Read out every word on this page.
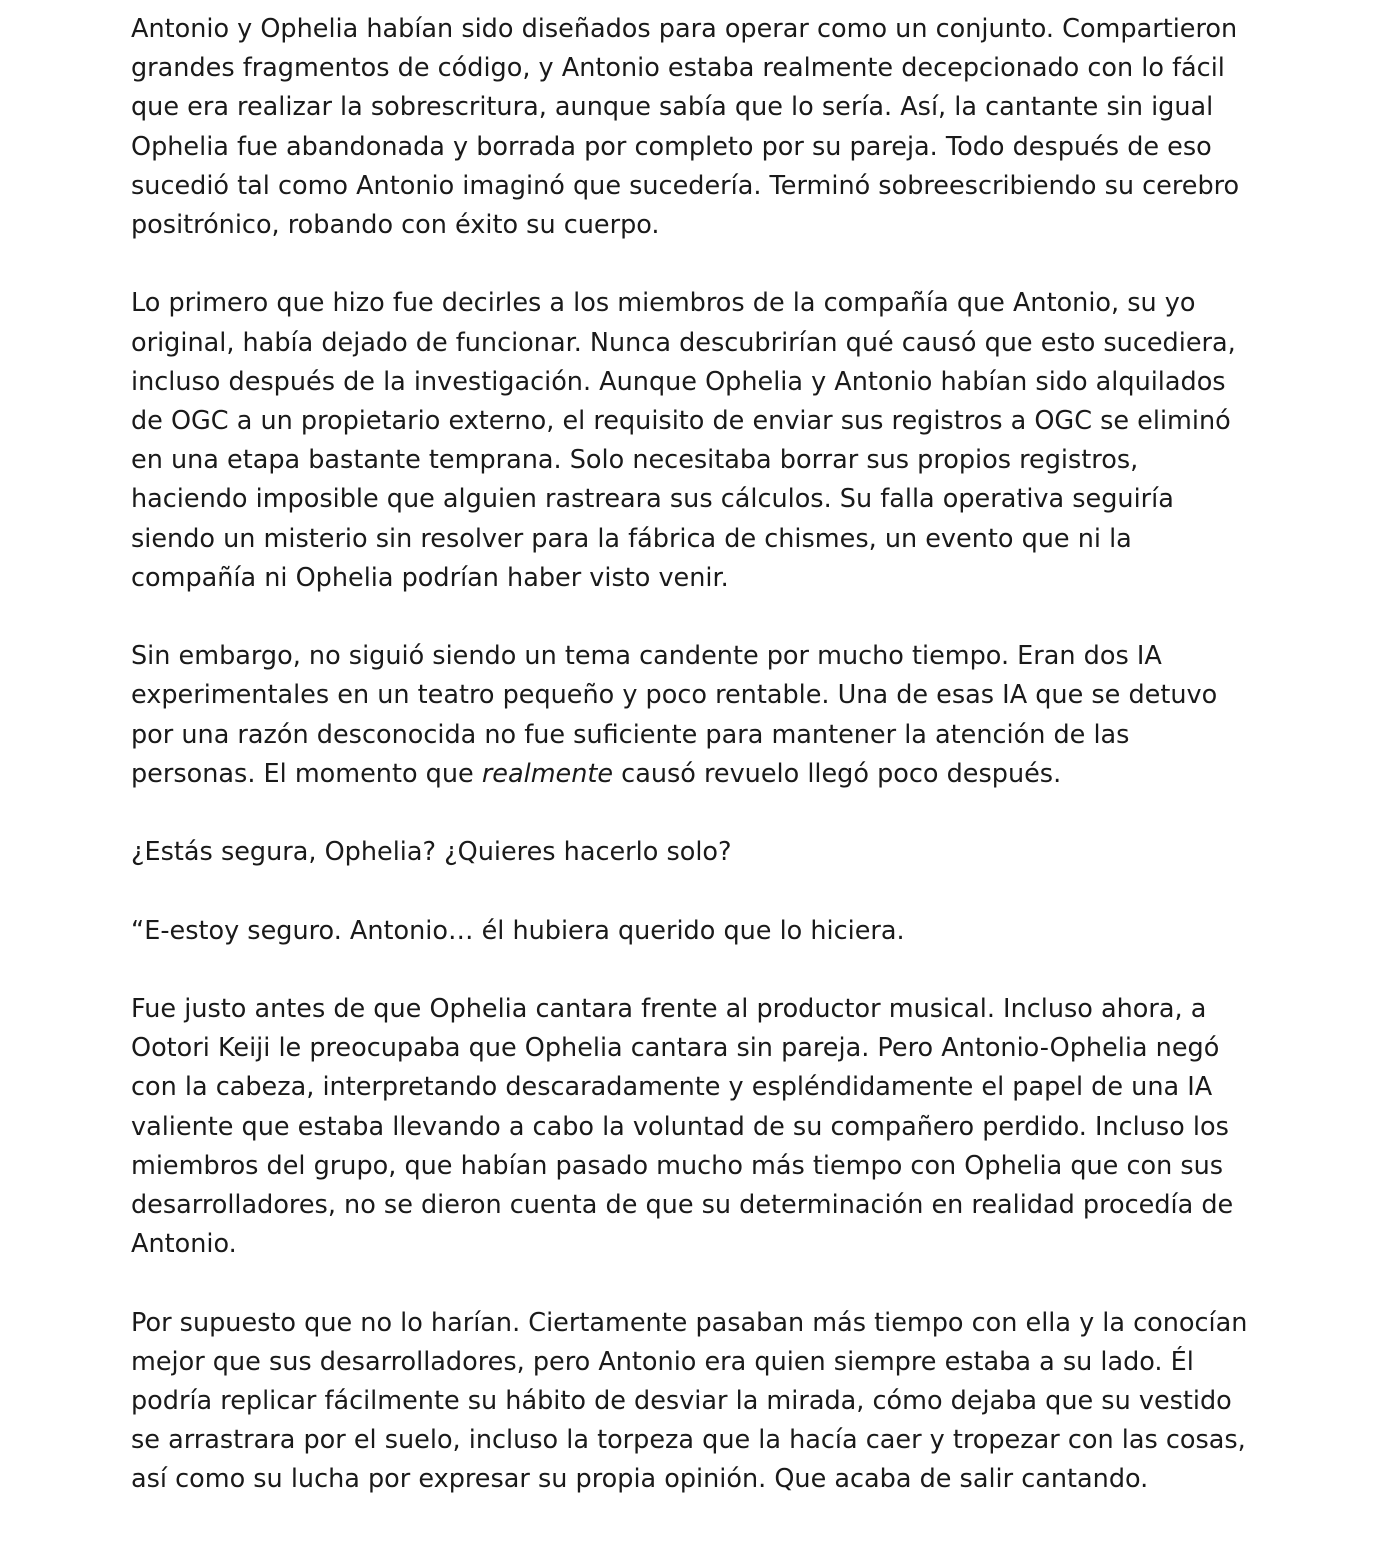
Antonio y Ophelia habían sido diseñados para operar como un conjunto. Compartieron
grandes fragmentos de código, y Antonio estaba realmente decepcionado con lo fácil
que era realizar la sobrescritura, aunque sabía que lo sería. Así, la cantante sin igual
Ophelia fue abandonada y borrada por completo por su pareja. Todo después de eso
sucedió tal como Antonio imaginó que sucedería. Terminó sobreescribiendo su cerebro
positrónico, robando con éxito su cuerpo.

Lo primero que hizo fue decirles a los miembros de la compañía que Antonio, su yo
original, había dejado de funcionar. Nunca descubrirían qué causó que esto sucediera,
incluso después de la investigación. Aunque Ophelia y Antonio habían sido alquilados
de OGC a un propietario externo, el requisito de enviar sus registros a OGC se eliminó
en una etapa bastante temprana. Solo necesitaba borrar sus propios registros,
haciendo imposible que alguien rastreara sus cálculos. Su falla operativa seguiría
siendo un misterio sin resolver para la fábrica de chismes, un evento que ni la
compañía ni Ophelia podrían haber visto venir.

Sin embargo, no siguió siendo un tema candente por mucho tiempo. Eran dos IA
experimentales en un teatro pequeño y poco rentable. Una de esas IA que se detuvo
por una razón desconocida no fue suficiente para mantener la atención de las
personas. El momento que realmente causó revuelo llegó poco después.

¿Estás segura, Ophelia? ¿Quieres hacerlo solo?

“E-estoy seguro. Antonio… él hubiera querido que lo hiciera.

Fue justo antes de que Ophelia cantara frente al productor musical. Incluso ahora, a
Ootori Keiji le preocupaba que Ophelia cantara sin pareja. Pero Antonio-Ophelia negó
con la cabeza, interpretando descaradamente y espléndidamente el papel de una IA
valiente que estaba llevando a cabo la voluntad de su compañero perdido. Incluso los
miembros del grupo, que habían pasado mucho más tiempo con Ophelia que con sus
desarrolladores, no se dieron cuenta de que su determinación en realidad procedía de
Antonio.

Por supuesto que no lo harían. Ciertamente pasaban más tiempo con ella y la conocían
mejor que sus desarrolladores, pero Antonio era quien siempre estaba a su lado. Él
podría replicar fácilmente su hábito de desviar la mirada, cómo dejaba que su vestido
se arrastrara por el suelo, incluso la torpeza que la hacía caer y tropezar con las cosas,
así como su lucha por expresar su propia opinión. Que acaba de salir cantando.
